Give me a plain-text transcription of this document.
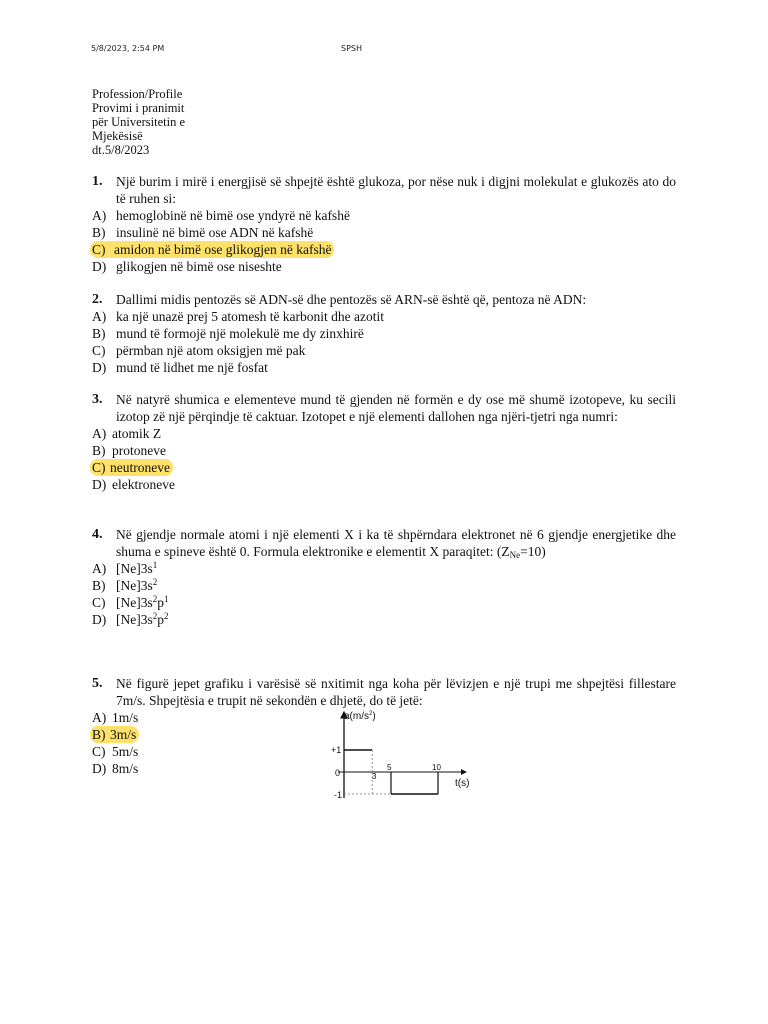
5/8/2023, 2:54 PM	SPSH
Profession/Profile
Provimi i pranimit
për Universitetin e
Mjekësisë
dt.5/8/2023
1.	Një burim i mirë i energjisë së shpejtë është glukoza, por nëse nuk i digjni molekulat e glukozës ato do të ruhen si:
A) hemoglobinë në bimë ose yndyrë në kafshë
B) insulinë në bimë ose ADN në kafshë
C) amidon në bimë ose glikogjen në kafshë
D) glikogjen në bimë ose niseshte
2.	Dallimi midis pentozës së ADN-së dhe pentozës së ARN-së është që, pentoza në ADN:
A) ka një unazë prej 5 atomesh të karbonit dhe azotit
B) mund të formojë një molekulë me dy zinxhirë
C) përmban një atom oksigjen më pak
D) mund të lidhet me një fosfat
3.	Në natyrë shumica e elementeve mund të gjenden në formën e dy ose më shumë izotopeve, ku secili izotop zë një përqindje të caktuar. Izotopet e një elementi dallohen nga njëri-tjetri nga numri:
A) atomik Z
B) protoneve
C) neutroneve
D) elektroneve
4.	Në gjendje normale atomi i një elementi X i ka të shpërndara elektronet në 6 gjendje energjetike dhe shuma e spineve është 0. Formula elektronike e elementit X paraqitet: $(Z_{Ne}=10)$
A) $[Ne]3s^1$
B) $[Ne]3s^2$
C) $[Ne]3s^2p^1$
D) $[Ne]3s^2p^2$
5.	Në figurë jepet grafiku i varësisë së nxitimit nga koha për lëvizjen e një trupi me shpejtësi fillestare 7m/s. Shpejtësia e trupit në sekondën e dhjetë, do të jetë:
A) 1m/s
B) 3m/s
C) 5m/s
D) 8m/s
$a(m/s^2)$
t(s)
+1
0
-1
3
5	10
